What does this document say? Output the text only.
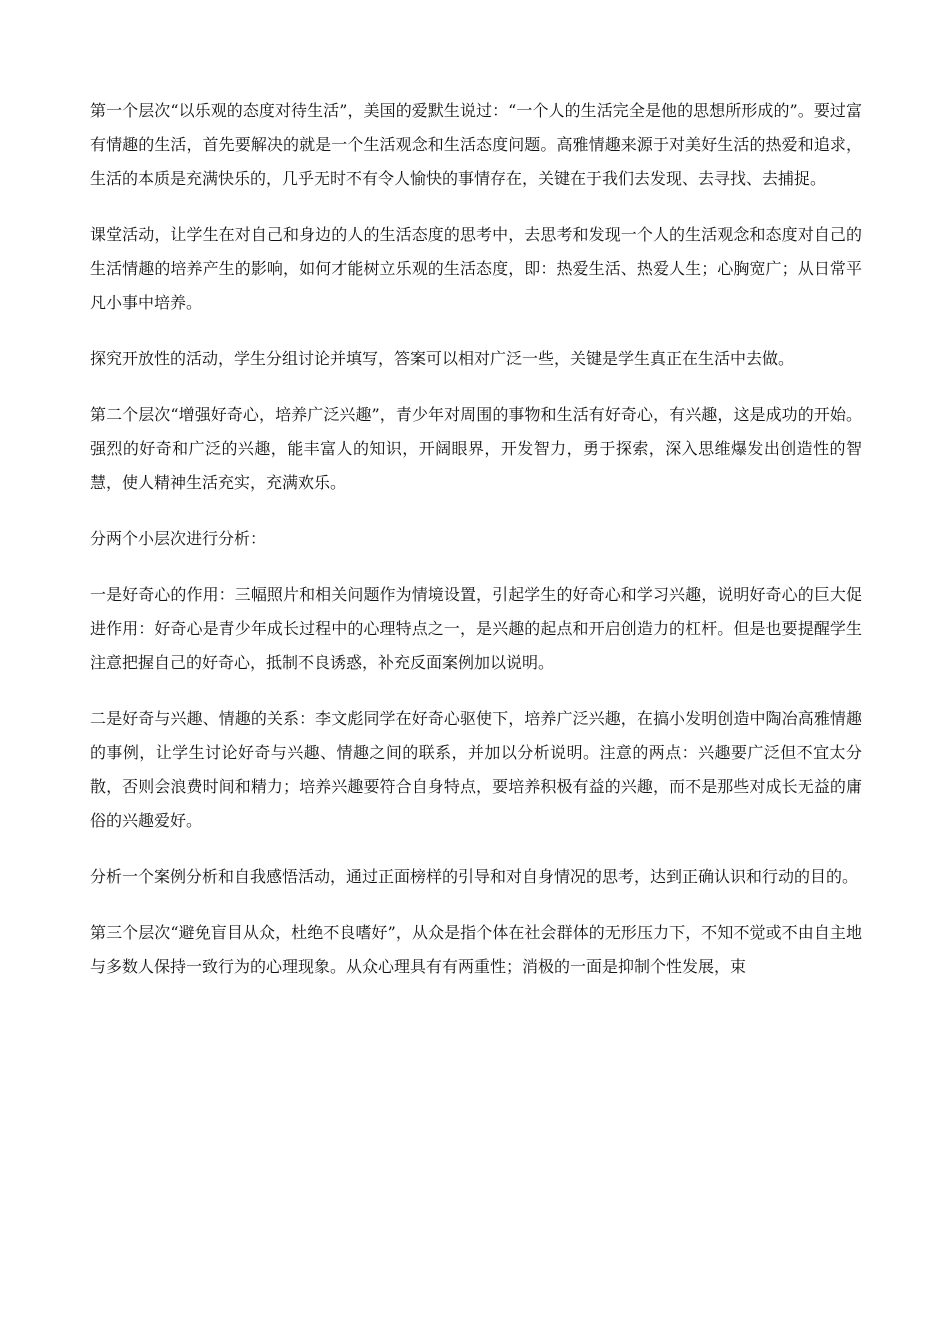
第一个层次“以乐观的态度对待生活”，美国的爱默生说过：“一个人的生活完全是他的思想所形成的”。要过富有情趣的生活，首先要解决的就是一个生活观念和生活态度问题。高雅情趣来源于对美好生活的热爱和追求，生活的本质是充满快乐的，几乎无时不有令人愉快的事情存在，关键在于我们去发现、去寻找、去捕捉。

课堂活动，让学生在对自己和身边的人的生活态度的思考中，去思考和发现一个人的生活观念和态度对自己的生活情趣的培养产生的影响，如何才能树立乐观的生活态度，即：热爱生活、热爱人生；心胸宽广；从日常平凡小事中培养。

探究开放性的活动，学生分组讨论并填写，答案可以相对广泛一些，关键是学生真正在生活中去做。

第二个层次“增强好奇心，培养广泛兴趣”，青少年对周围的事物和生活有好奇心，有兴趣，这是成功的开始。强烈的好奇和广泛的兴趣，能丰富人的知识，开阔眼界，开发智力，勇于探索，深入思维爆发出创造性的智慧，使人精神生活充实，充满欢乐。

分两个小层次进行分析：

一是好奇心的作用：三幅照片和相关问题作为情境设置，引起学生的好奇心和学习兴趣，说明好奇心的巨大促进作用：好奇心是青少年成长过程中的心理特点之一，是兴趣的起点和开启创造力的杠杆。但是也要提醒学生注意把握自己的好奇心，抵制不良诱惑，补充反面案例加以说明。

二是好奇与兴趣、情趣的关系：李文彪同学在好奇心驱使下，培养广泛兴趣，在搞小发明创造中陶冶高雅情趣的事例，让学生讨论好奇与兴趣、情趣之间的联系，并加以分析说明。注意的两点：兴趣要广泛但不宜太分散，否则会浪费时间和精力；培养兴趣要符合自身特点，要培养积极有益的兴趣，而不是那些对成长无益的庸俗的兴趣爱好。

分析一个案例分析和自我感悟活动，通过正面榜样的引导和对自身情况的思考，达到正确认识和行动的目的。

第三个层次“避免盲目从众，杜绝不良嗜好”，从众是指个体在社会群体的无形压力下，不知不觉或不由自主地与多数人保持一致行为的心理现象。从众心理具有有两重性；消极的一面是抑制个性发展，束
